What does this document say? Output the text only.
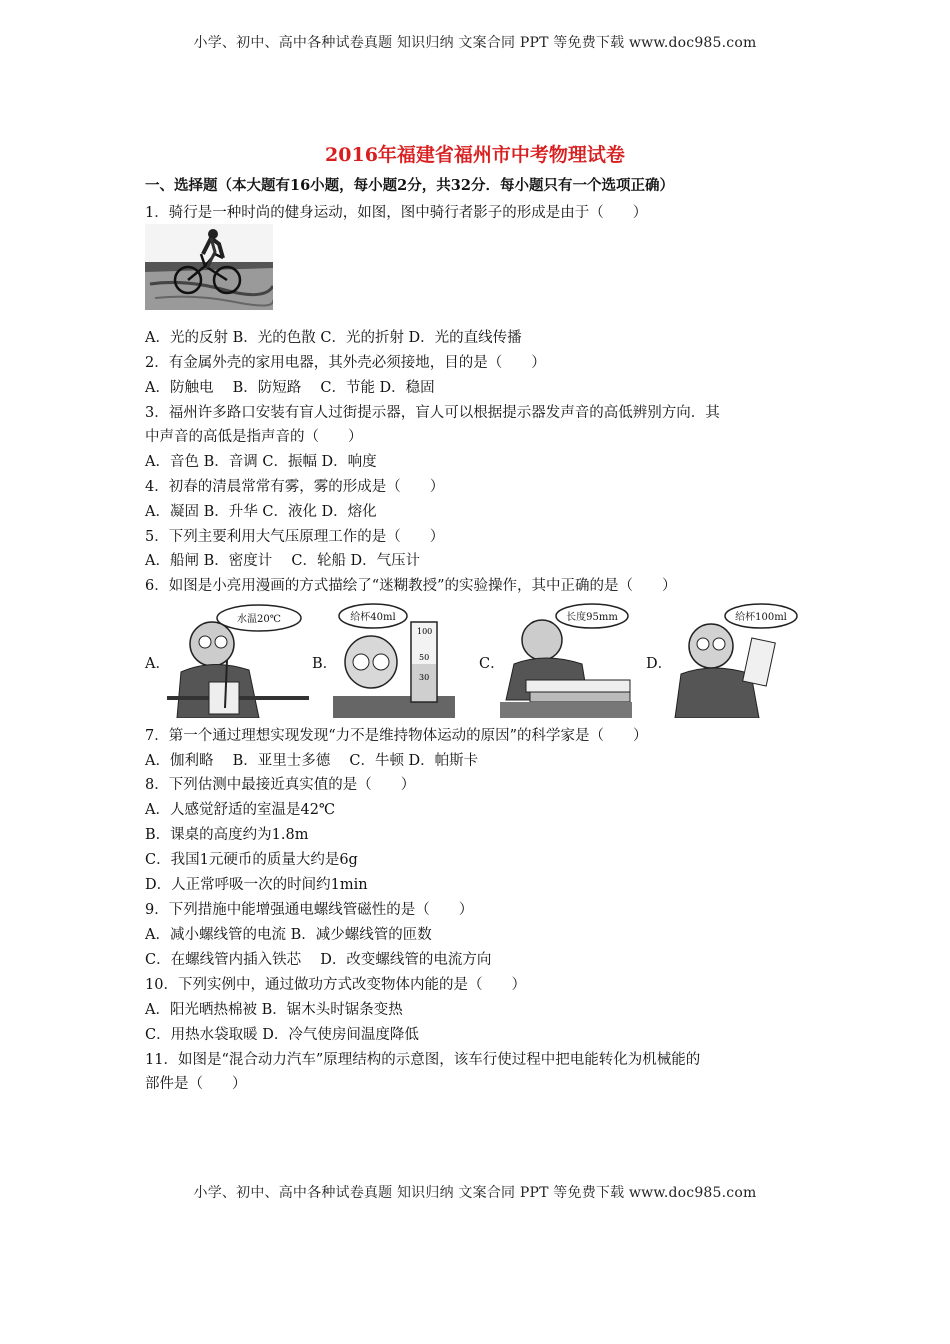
小学、初中、高中各种试卷真题 知识归纳 文案合同 PPT 等免费下载 www.doc985.com
2016年福建省福州市中考物理试卷
一、选择题（本大题有16小题，每小题2分，共32分．每小题只有一个选项正确）
1．骑行是一种时尚的健身运动，如图，图中骑行者影子的形成是由于（　　）
A．光的反射 B．光的色散 C．光的折射 D．光的直线传播
2．有金属外壳的家用电器，其外壳必须接地，目的是（　　）
A．防触电　 B．防短路　 C．节能 D．稳固
3．福州许多路口安装有盲人过街提示器，盲人可以根据提示器发声音的高低辨别方向．其
中声音的高低是指声音的（　　）
A．音色 B．音调 C．振幅 D．响度
4．初春的清晨常常有雾，雾的形成是（　　）
A．凝固 B．升华 C．液化 D．熔化
5．下列主要利用大气压原理工作的是（　　）
A．船闸 B．密度计　 C．轮船 D．气压计
6．如图是小亮用漫画的方式描绘了“迷糊教授”的实验操作，其中正确的是（　　）
A．	B．	C．	D．
水温20℃	给杯40ml
100
50
30
长度95mm	给杯100ml
7．第一个通过理想实现发现“力不是维持物体运动的原因”的科学家是（　　）
A．伽利略　 B．亚里士多德　 C．牛顿 D．帕斯卡
8．下列估测中最接近真实值的是（　　）
A．人感觉舒适的室温是42℃
B．课桌的高度约为1.8m
C．我国1元硬币的质量大约是6g
D．人正常呼吸一次的时间约1min
9．下列措施中能增强通电螺线管磁性的是（　　）
A．减小螺线管的电流 B．减少螺线管的匝数
C．在螺线管内插入铁芯　 D．改变螺线管的电流方向
10．下列实例中，通过做功方式改变物体内能的是（　　）
A．阳光晒热棉被 B．锯木头时锯条变热
C．用热水袋取暖 D．冷气使房间温度降低
11．如图是“混合动力汽车”原理结构的示意图，该车行使过程中把电能转化为机械能的
部件是（　　）
小学、初中、高中各种试卷真题 知识归纳 文案合同 PPT 等免费下载 www.doc985.com
